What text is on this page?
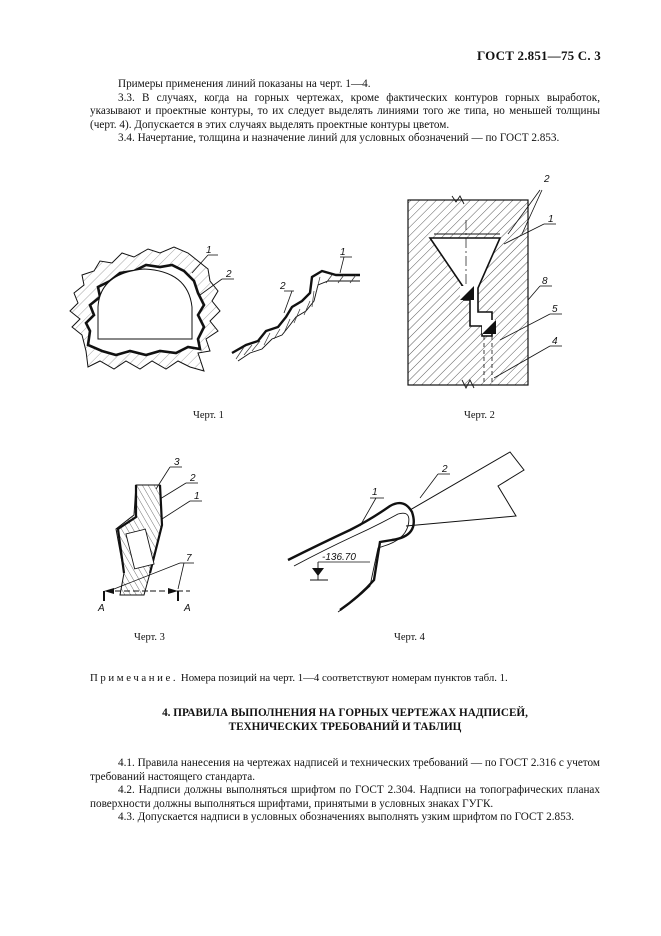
ГОСТ 2.851—75 С. 3

Примеры применения линий показаны на черт. 1—4.

3.3. В случаях, когда на горных чертежах, кроме фактических контуров горных выработок, указывают и проектные контуры, то их следует выделять линиями того же типа, но меньшей толщины (черт. 4). Допускается в этих случаях выделять проектные контуры цветом.

3.4. Начертание, толщина и назначение линий для условных обозначений — по ГОСТ 2.853.

1
2
2
1
Черт. 1
2
1
8
5
4
Черт. 2
А	А
3
2
1
7
Черт. 3
-136.70
2
1
Черт. 4
Примечание. Номера позиций на черт. 1—4 соответствуют номерам пунктов табл. 1.
4. ПРАВИЛА ВЫПОЛНЕНИЯ НА ГОРНЫХ ЧЕРТЕЖАХ НАДПИСЕЙ,
ТЕХНИЧЕСКИХ ТРЕБОВАНИЙ И ТАБЛИЦ

4.1. Правила нанесения на чертежах надписей и технических требований — по ГОСТ 2.316 с учетом требований настоящего стандарта.

4.2. Надписи должны выполняться шрифтом по ГОСТ 2.304. Надписи на топографических планах поверхности должны выполняться шрифтами, принятыми в условных знаках ГУГК.

4.3. Допускается надписи в условных обозначениях выполнять узким шрифтом по ГОСТ 2.853.
